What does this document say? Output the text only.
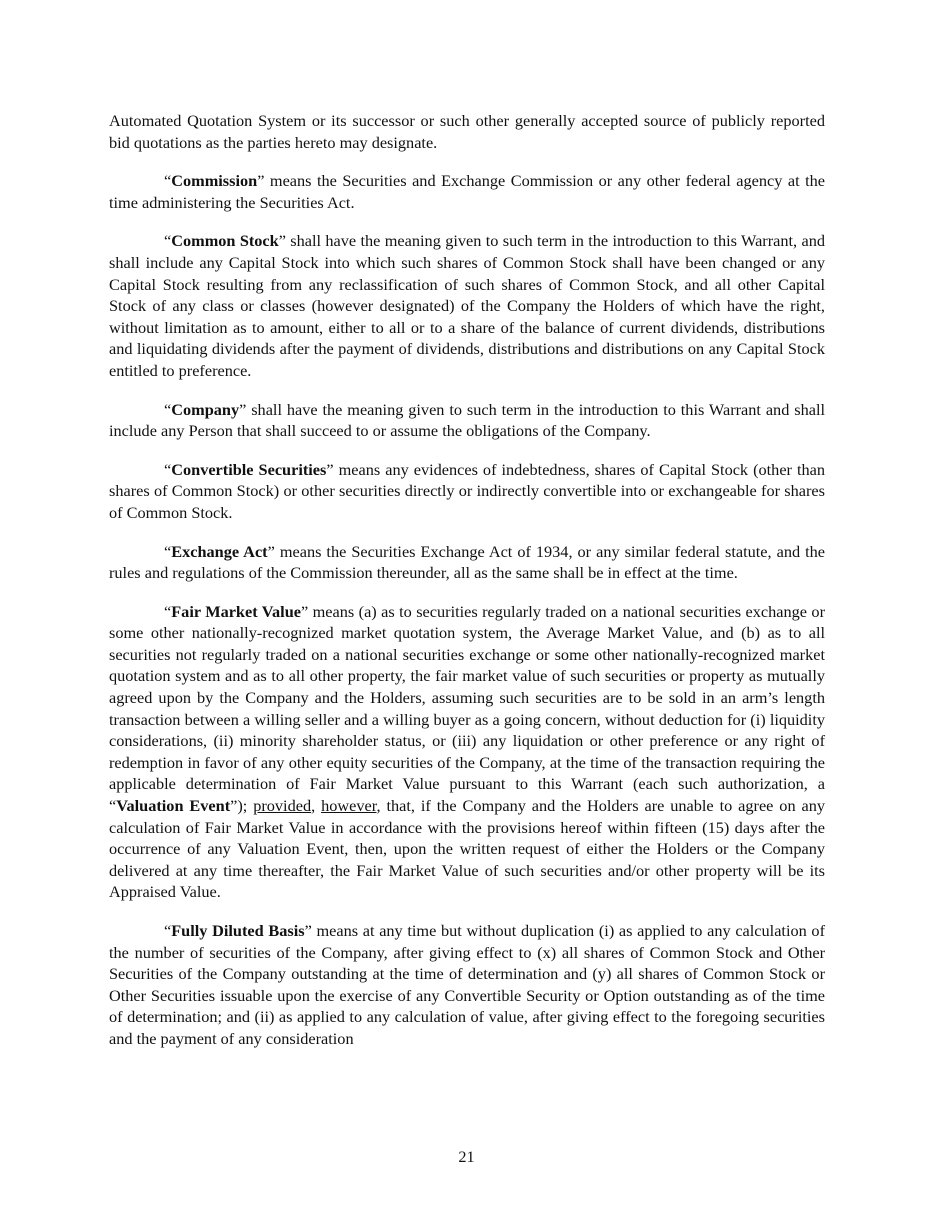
Automated Quotation System or its successor or such other generally accepted source of publicly reported bid quotations as the parties hereto may designate.

“Commission” means the Securities and Exchange Commission or any other federal agency at the time administering the Securities Act.

“Common Stock” shall have the meaning given to such term in the introduction to this Warrant, and shall include any Capital Stock into which such shares of Common Stock shall have been changed or any Capital Stock resulting from any reclassification of such shares of Common Stock, and all other Capital Stock of any class or classes (however designated) of the Company the Holders of which have the right, without limitation as to amount, either to all or to a share of the balance of current dividends, distributions and liquidating dividends after the payment of dividends, distributions and distributions on any Capital Stock entitled to preference.

“Company” shall have the meaning given to such term in the introduction to this Warrant and shall include any Person that shall succeed to or assume the obligations of the Company.

“Convertible Securities” means any evidences of indebtedness, shares of Capital Stock (other than shares of Common Stock) or other securities directly or indirectly convertible into or exchangeable for shares of Common Stock.

“Exchange Act” means the Securities Exchange Act of 1934, or any similar federal statute, and the rules and regulations of the Commission thereunder, all as the same shall be in effect at the time.

“Fair Market Value” means (a) as to securities regularly traded on a national securities exchange or some other nationally-recognized market quotation system, the Average Market Value, and (b) as to all securities not regularly traded on a national securities exchange or some other nationally-recognized market quotation system and as to all other property, the fair market value of such securities or property as mutually agreed upon by the Company and the Holders, assuming such securities are to be sold in an arm’s length transaction between a willing seller and a willing buyer as a going concern, without deduction for (i) liquidity considerations, (ii) minority shareholder status, or (iii) any liquidation or other preference or any right of redemption in favor of any other equity securities of the Company, at the time of the transaction requiring the applicable determination of Fair Market Value pursuant to this Warrant (each such authorization, a “Valuation Event”); provided, however, that, if the Company and the Holders are unable to agree on any calculation of Fair Market Value in accordance with the provisions hereof within fifteen (15) days after the occurrence of any Valuation Event, then, upon the written request of either the Holders or the Company delivered at any time thereafter, the Fair Market Value of such securities and/or other property will be its Appraised Value.

“Fully Diluted Basis” means at any time but without duplication (i) as applied to any calculation of the number of securities of the Company, after giving effect to (x) all shares of Common Stock and Other Securities of the Company outstanding at the time of determination and (y) all shares of Common Stock or Other Securities issuable upon the exercise of any Convertible Security or Option outstanding as of the time of determination; and (ii) as applied to any calculation of value, after giving effect to the foregoing securities and the payment of any consideration

21
